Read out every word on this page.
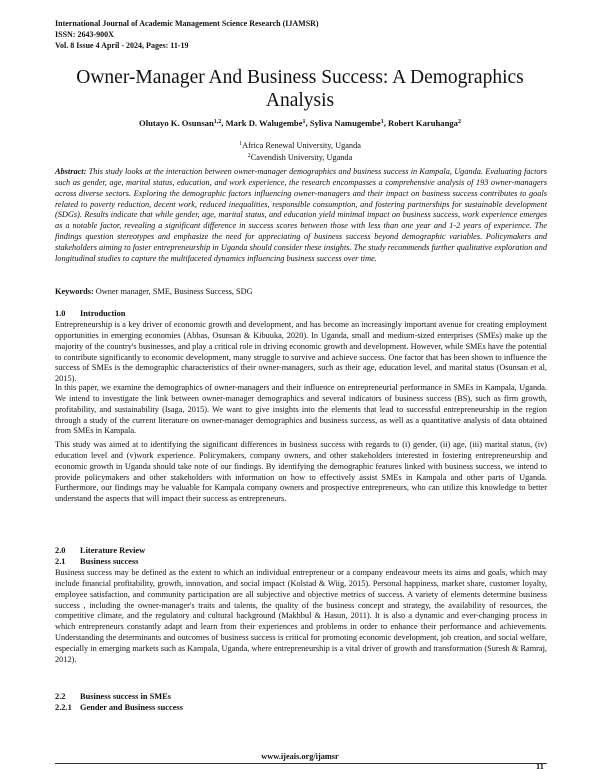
International Journal of Academic Management Science Research (IJAMSR)
ISSN: 2643-900X
Vol. 8 Issue 4 April - 2024, Pages: 11-19
Owner-Manager And Business Success: A Demographics
Analysis
Olutayo K. Osunsan$^{1,2}$, Mark D. Walugembe$^1$, Syliva Namugembe$^1$, Robert Karuhanga$^2$
$^1$Africa Renewal University, Uganda
$^2$Cavendish University, Uganda
Abstract: This study looks at the interaction between owner-manager demographics and business success in Kampala, Uganda. Evaluating factors such as gender, age, marital status, education, and work experience, the research encompasses a comprehensive analysis of 193 owner-managers across diverse sectors. Exploring the demographic factors influencing owner-managers and their impact on business success contributes to goals related to poverty reduction, decent work, reduced inequalities, responsible consumption, and fostering partnerships for sustainable development (SDGs). Results indicate that while gender, age, marital status, and education yield minimal impact on business success, work experience emerges as a notable factor, revealing a significant difference in success scores between those with less than one year and 1-2 years of experience. The findings question stereotypes and emphasize the need for appreciating of business success beyond demographic variables. Policymakers and stakeholders aiming to foster entrepreneurship in Uganda should consider these insights. The study recommends further qualitative exploration and longitudinal studies to capture the multifaceted dynamics influencing business success over time.
Keywords: Owner manager, SME, Business Success, SDG
1.0 Introduction
Entrepreneurship is a key driver of economic growth and development, and has become an increasingly important avenue for creating employment opportunities in emerging economies (Abbas, Osunsan & Kibuuka, 2020). In Uganda, small and medium-sized enterprises (SMEs) make up the majority of the country's businesses, and play a critical role in driving economic growth and development. However, while SMEs have the potential to contribute significantly to economic development, many struggle to survive and achieve success. One factor that has been shown to influence the success of SMEs is the demographic characteristics of their owner-managers, such as their age, education level, and marital status (Osunsan et al, 2015).
In this paper, we examine the demographics of owner-managers and their influence on entrepreneurial performance in SMEs in Kampala, Uganda. We intend to investigate the link between owner-manager demographics and several indicators of business success (BS), such as firm growth, profitability, and sustainability (Isaga, 2015). We want to give insights into the elements that lead to successful entrepreneurship in the region through a study of the current literature on owner-manager demographics and business success, as well as a quantitative analysis of data obtained from SMEs in Kampala.
This study was aimed at to identifying the significant differences in business success with regards to (i) gender, (ii) age, (iii) marital status, (iv) education level and (v)work experience. Policymakers, company owners, and other stakeholders interested in fostering entrepreneurship and economic growth in Uganda should take note of our findings. By identifying the demographic features linked with business success, we intend to provide policymakers and other stakeholders with information on how to effectively assist SMEs in Kampala and other parts of Uganda. Furthermore, our findings may be valuable for Kampala company owners and prospective entrepreneurs, who can utilize this knowledge to better understand the aspects that will impact their success as entrepreneurs.
2.0 Literature Review
2.1 Business success
Business success may be defined as the extent to which an individual entrepreneur or a company endeavour meets its aims and goals, which may include financial profitability, growth, innovation, and social impact (Kolstad & Wiig, 2015). Personal happiness, market share, customer loyalty, employee satisfaction, and community participation are all subjective and objective metrics of success. A variety of elements determine business success , including the owner-manager's traits and talents, the quality of the business concept and strategy, the availability of resources, the competitive climate, and the regulatory and cultural background (Makhbul & Hasun, 2011). It is also a dynamic and ever-changing process in which entrepreneurs constantly adapt and learn from their experiences and problems in order to enhance their performance and achievements. Understanding the determinants and outcomes of business success is critical for promoting economic development, job creation, and social welfare, especially in emerging markets such as Kampala, Uganda, where entrepreneurship is a vital driver of growth and transformation (Suresh & Ramraj, 2012).
2.2 Business success in SMEs
2.2.1 Gender and Business success
www.ijeais.org/ijamsr
11
